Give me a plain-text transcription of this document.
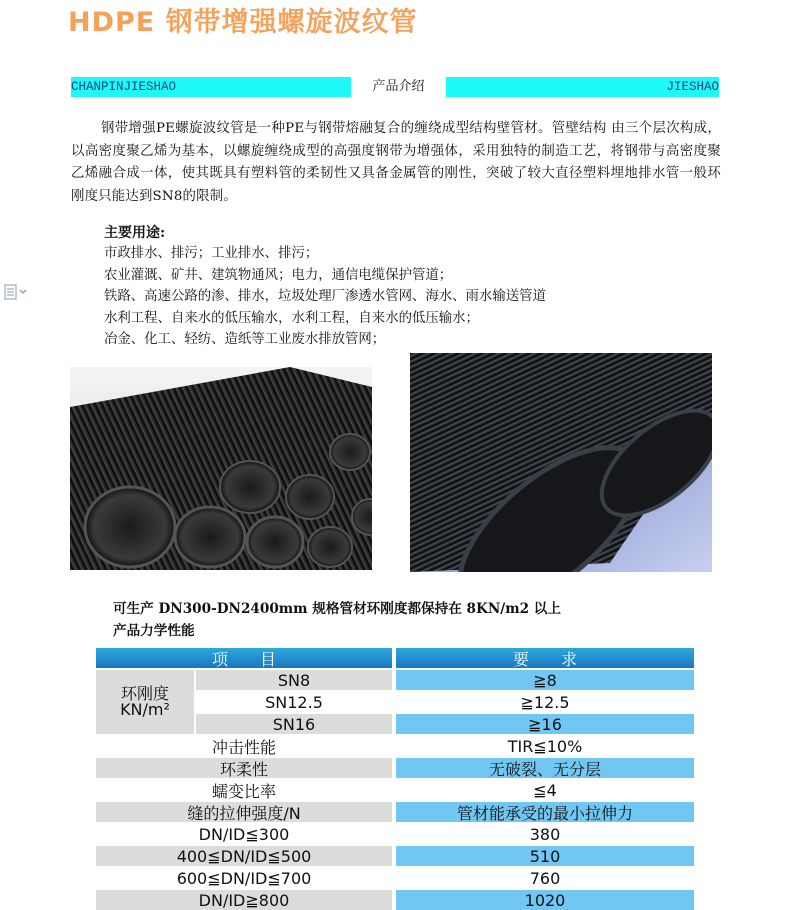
HDPE 钢带增强螺旋波纹管
CHANPINJIESHAO	产品介绍	JIESHAO
钢带增强PE螺旋波纹管是一种PE与钢带熔融复合的缠绕成型结构壁管材。管壁结构 由三个层次构成，以高密度聚乙烯为基本，以螺旋缠绕成型的高强度钢带为增强体，采用独特的制造工艺，将钢带与高密度聚乙烯融合成一体，使其既具有塑料管的柔韧性又具备金属管的刚性，突破了较大直径塑料埋地排水管一般环刚度只能达到SN8的限制。
主要用途:
市政排水、排污；工业排水、排污；
农业灌溉、矿井、建筑物通风；电力，通信电缆保护管道；
铁路、高速公路的渗、排水，垃圾处理厂渗透水管网、海水、雨水输送管道
水利工程、自来水的低压输水，水利工程，自来水的低压输水；
冶金、化工、轻纺、造纸等工业废水排放管网；
可生产 DN300-DN2400mm 规格管材环刚度都保持在 8KN/m2 以上
产品力学性能
项　　目	要　　求
环刚度
KN/m²
SN8	≧8
SN12.5	≧12.5
SN16	≧16
冲击性能	TIR≦10%
环柔性	无破裂、无分层
蠕变比率	≦4
缝的拉伸强度/N	管材能承受的最小拉伸力
DN/ID≦300	380
400≦DN/ID≦500	510
600≦DN/ID≦700	760
DN/ID≧800	1020
